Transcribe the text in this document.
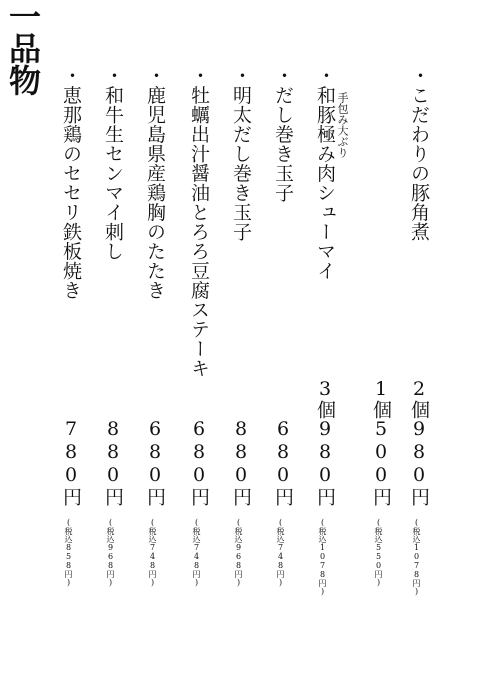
一品物

・こだわりの豚角煮

2個
980円
(税込1078円)
1個
500円
(税込550円)

手包み大ぶり

・和豚極み肉シューマイ

3個
980円
(税込1078円)

・だし巻き玉子

680円
(税込748円)

・明太だし巻き玉子

880円
(税込968円)

・牡蠣出汁醤油とろろ豆腐ステーキ

680円
(税込748円)

・鹿児島県産鶏胸のたたき

680円
(税込748円)

・和牛生センマイ刺し

880円
(税込968円)

・恵那鶏のセセリ鉄板焼き

780円
(税込858円)
